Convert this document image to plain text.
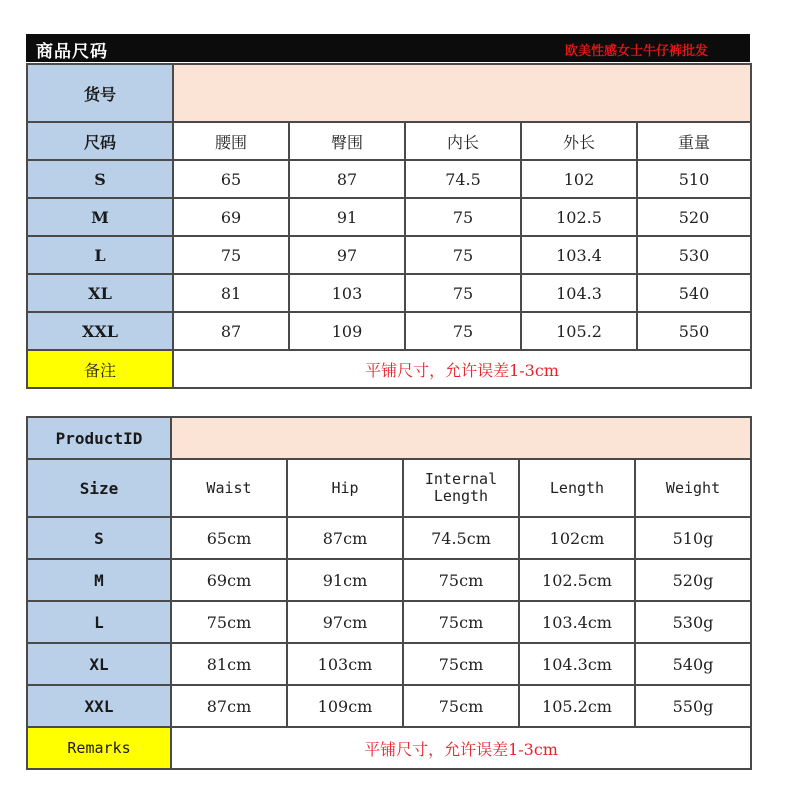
商品尺码	欧美性感女士牛仔裤批发
货号					
尺码	腰围	臀围	内长	外长	重量
S	65	87	74.5	102	510
M	69	91	75	102.5	520
L	75	97	75	103.4	530
XL	81	103	75	104.3	540
XXL	87	109	75	105.2	550
备注	平铺尺寸，允许误差1-3cm				
ProductID					
Size	Waist	Hip	Internal Length	Length	Weight
S	65cm	87cm	74.5cm	102cm	510g
M	69cm	91cm	75cm	102.5cm	520g
L	75cm	97cm	75cm	103.4cm	530g
XL	81cm	103cm	75cm	104.3cm	540g
XXL	87cm	109cm	75cm	105.2cm	550g
Remarks	平铺尺寸，允许误差1-3cm				
